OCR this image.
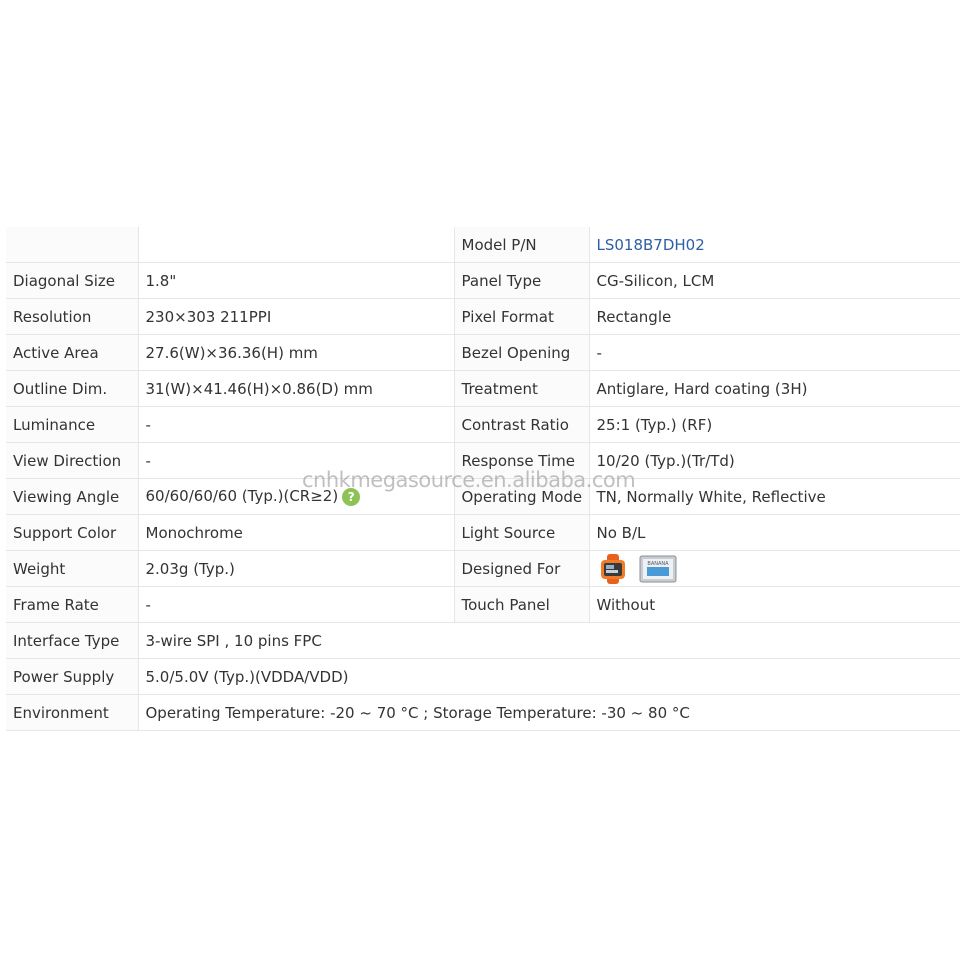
		Model P/N	LS018B7DH02
Diagonal Size	1.8"	Panel Type	CG-Silicon, LCM
Resolution	230×303 211PPI	Pixel Format	Rectangle
Active Area	27.6(W)×36.36(H) mm	Bezel Opening	-
Outline Dim.	31(W)×41.46(H)×0.86(D) mm	Treatment	Antiglare, Hard coating (3H)
Luminance	-	Contrast Ratio	25:1 (Typ.) (RF)
View Direction	-	Response Time	10/20 (Typ.)(Tr/Td)
Viewing Angle	60/60/60/60 (Typ.)(CR≥2) ?	Operating Mode	TN, Normally White, Reflective
Support Color	Monochrome	Light Source	No B/L
Weight	2.03g (Typ.)	Designed For	BANANA

Frame Rate	-	Touch Panel	Without
Interface Type	3-wire SPI , 10 pins FPC		
Power Supply	5.0/5.0V (Typ.)(VDDA/VDD)		
Environment	Operating Temperature: -20 ~ 70 °C ; Storage Temperature: -30 ~ 80 °C		
cnhkmegasource.en.alibaba.com
